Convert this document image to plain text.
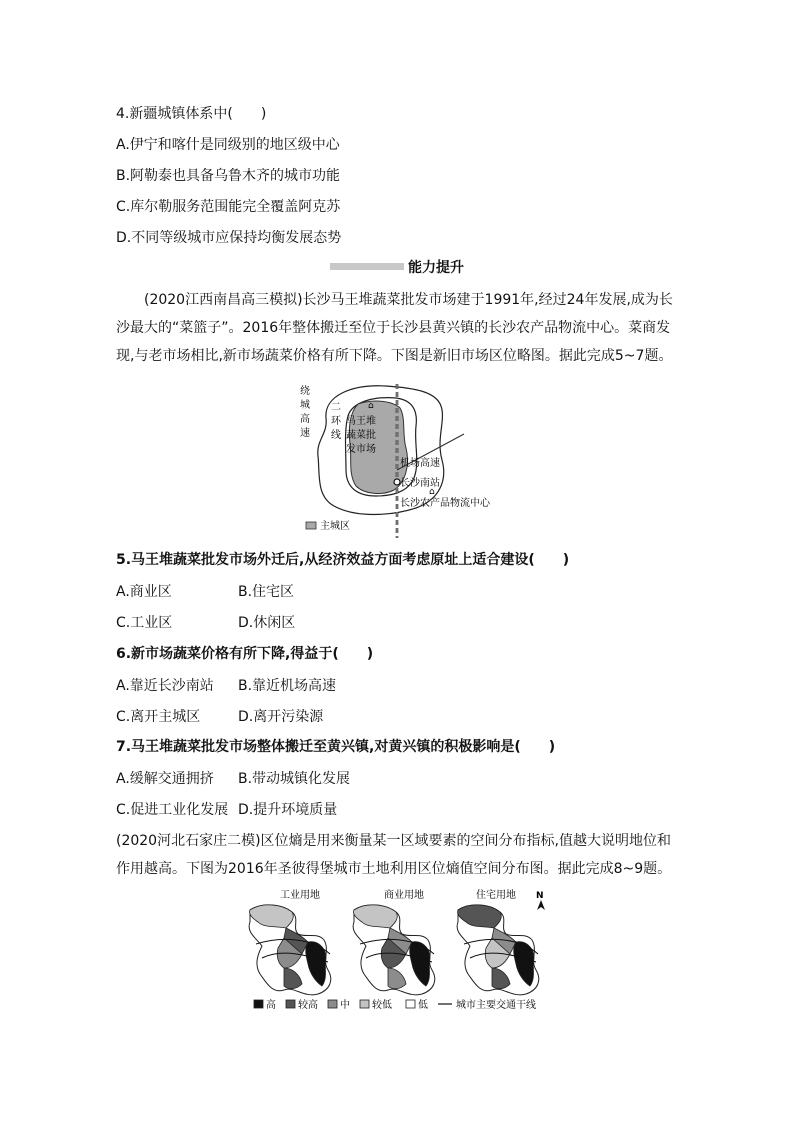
4.新疆城镇体系中(　　)
A.伊宁和喀什是同级别的地区级中心
B.阿勒泰也具备乌鲁木齐的城市功能
C.库尔勒服务范围能完全覆盖阿克苏
D.不同等级城市应保持均衡发展态势
能力提升
(2020江西南昌高三模拟)长沙马王堆蔬菜批发市场建于1991年,经过24年发展,成为长沙最大的“菜篮子”。2016年整体搬迁至位于长沙县黄兴镇的长沙农产品物流中心。菜商发现,与老市场相比,新市场蔬菜价格有所下降。下图是新旧市场区位略图。据此完成5~7题。
⌂
⌂
绕
城
高
速
二
环
线
马王堆
蔬菜批
发市场
机场高速
长沙南站
长沙农产品物流中心
主城区
5.马王堆蔬菜批发市场外迁后,从经济效益方面考虑原址上适合建设(　　)
A.商业区	B.住宅区
C.工业区	D.休闲区
6.新市场蔬菜价格有所下降,得益于(　　)
A.靠近长沙南站 B.靠近机场高速
C.离开主城区	D.离开污染源
7.马王堆蔬菜批发市场整体搬迁至黄兴镇,对黄兴镇的积极影响是(　　)
A.缓解交通拥挤 B.带动城镇化发展
C.促进工业化发展 D.提升环境质量
(2020河北石家庄二模)区位熵是用来衡量某一区域要素的空间分布指标,值越大说明地位和作用越高。下图为2016年圣彼得堡城市土地利用区位熵值空间分布图。据此完成8~9题。
工业用地	商业用地	住宅用地 N
高 较高 中 较低	低	城市主要交通干线
